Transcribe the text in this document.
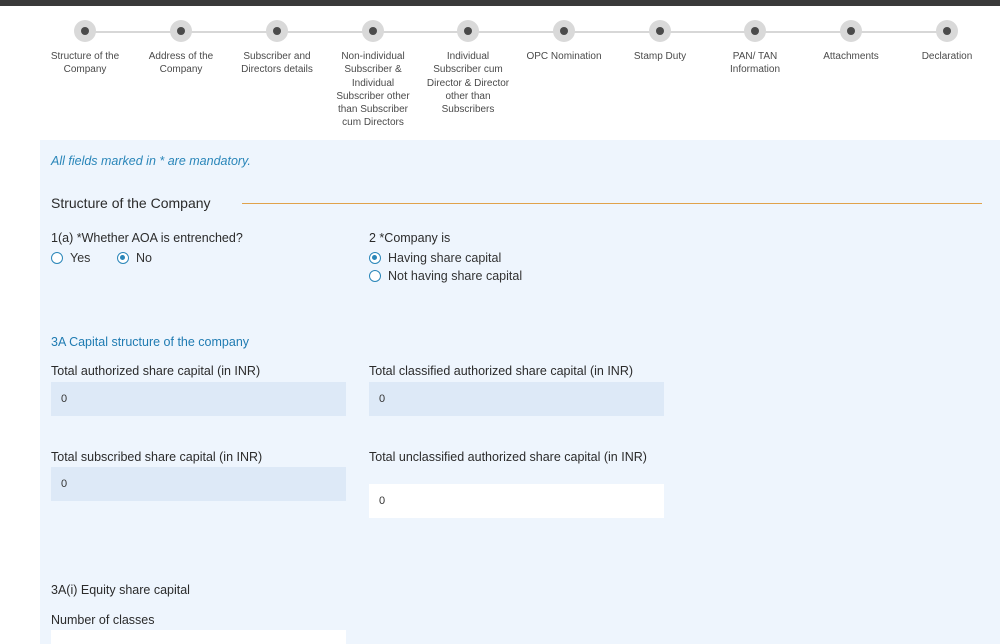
Structure of the Company
Address of the Company
Subscriber and Directors details
Non-individual Subscriber & Individual Subscriber other than Subscriber cum Directors
Individual Subscriber cum Director & Director other than Subscribers
OPC Nomination	Stamp Duty	PAN/ TAN Information
Attachments	Declaration
All fields marked in * are mandatory.
Structure of the Company
1(a) *Whether AOA is entrenched?
Yes	No
2 *Company is
Having share capital
Not having share capital
3A Capital structure of the company
Total authorized share capital (in INR)
0
Total classified authorized share capital (in INR)
0
Total subscribed share capital (in INR)
0
Total unclassified authorized share capital (in INR)
0
3A(i) Equity share capital
Number of classes
